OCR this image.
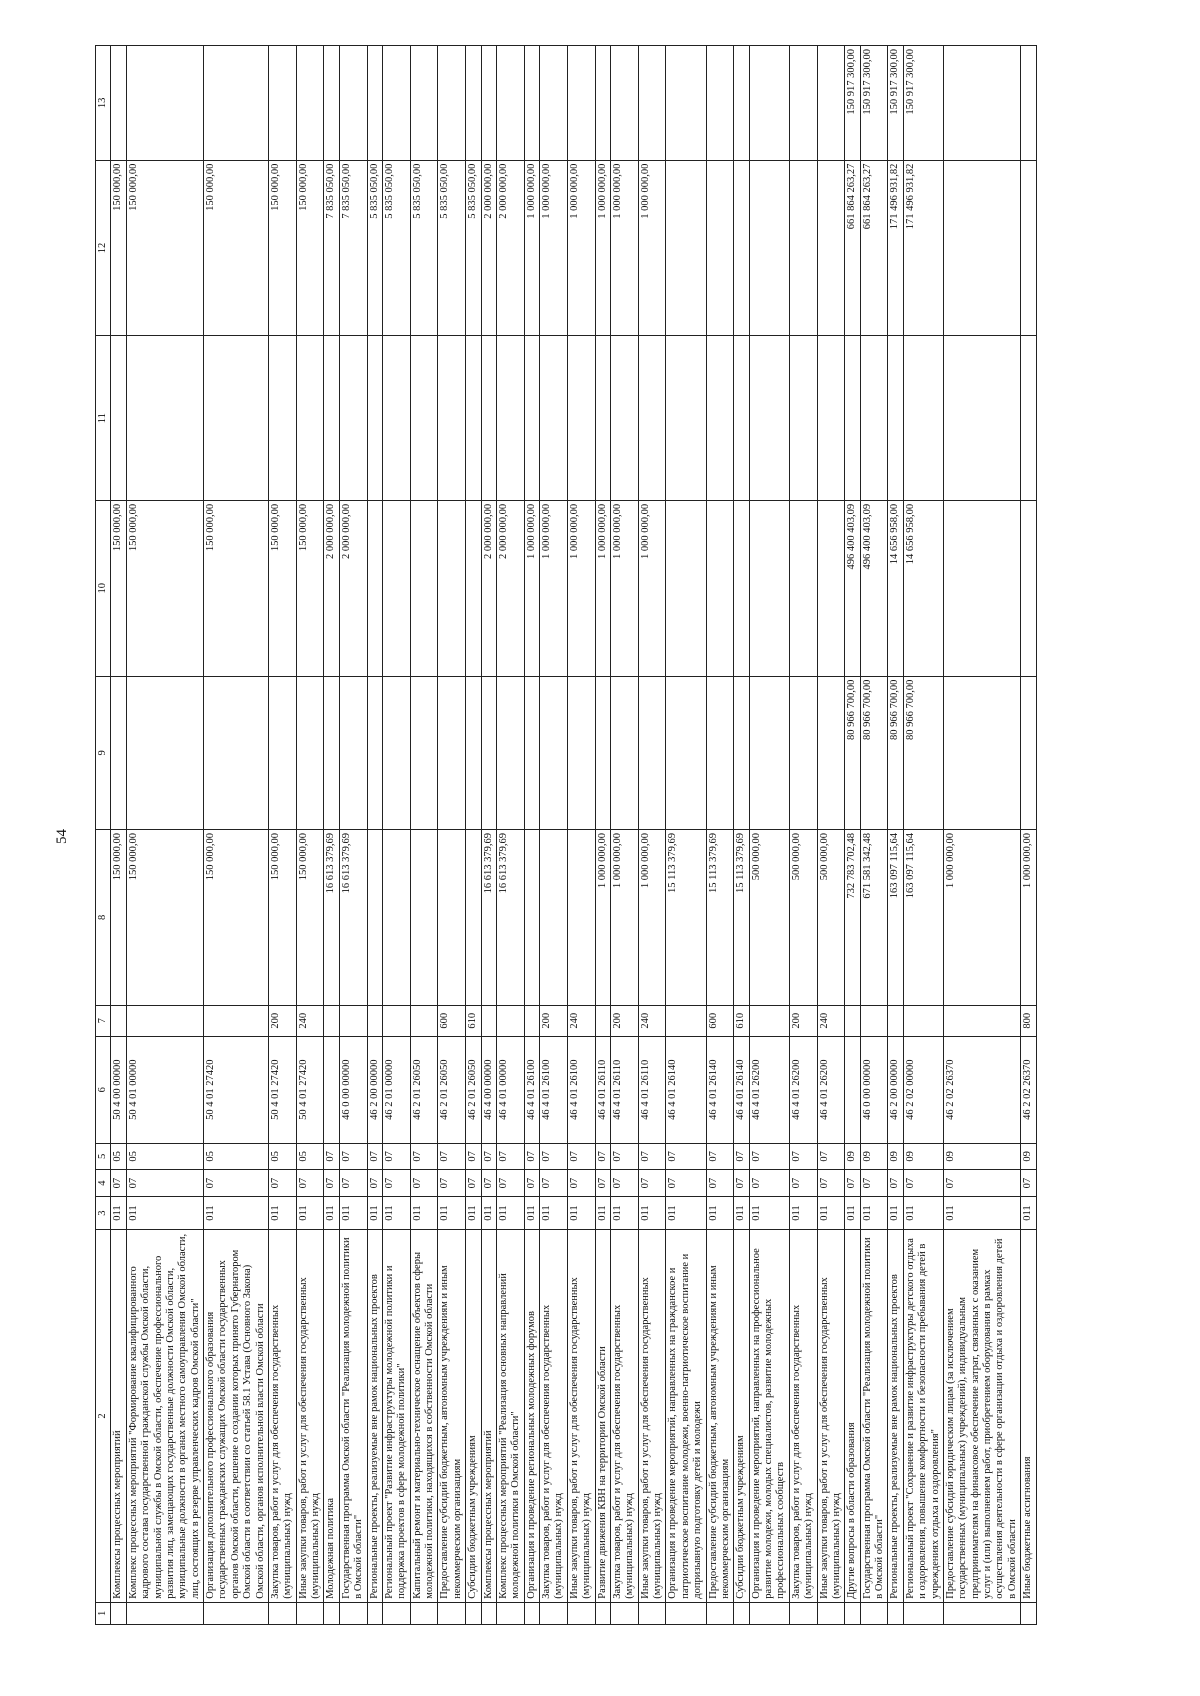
54
1	2	3	4	5	6	7	8	9	10	11	12	13
	Комплексы процессных мероприятий	011	07	05	50 4 00 00000		150 000,00		150 000,00		150 000,00	
	Комплекс процессных мероприятий "Формирование квалифицированного кадрового состава государственной гражданской службы Омской области, муниципальной службы в Омской области, обеспечение профессионального развития лиц, замещающих государственные должности Омской области, муниципальные должности в органах местного самоуправления Омской области, лиц, состоящих в резерве управленческих кадров Омской области"	011	07	05	50 4 01 00000		150 000,00		150 000,00		150 000,00	
	Организация дополнительного профессионального образования государственных гражданских служащих Омской области государственных органов Омской области, решение о создании которых принято Губернатором Омской области в соответствии со статьей 58.1 Устава (Основного Закона) Омской области, органов исполнительной власти Омской области	011	07	05	50 4 01 27420		150 000,00		150 000,00		150 000,00	
	Закупка товаров, работ и услуг для обеспечения государственных (муниципальных) нужд	011	07	05	50 4 01 27420	200	150 000,00		150 000,00		150 000,00	
	Иные закупки товаров, работ и услуг для обеспечения государственных (муниципальных) нужд	011	07	05	50 4 01 27420	240	150 000,00		150 000,00		150 000,00	
	Молодежная политика	011	07	07			16 613 379,69		2 000 000,00		7 835 050,00	
	Государственная программа Омской области "Реализация молодежной политики в Омской области"	011	07	07	46 0 00 00000		16 613 379,69		2 000 000,00		7 835 050,00	
	Региональные проекты, реализуемые вне рамок национальных проектов	011	07	07	46 2 00 00000						5 835 050,00	
	Региональный проект "Развитие инфраструктуры молодежной политики и поддержка проектов в сфере молодежной политики"	011	07	07	46 2 01 00000						5 835 050,00	
	Капитальный ремонт и материально-техническое оснащение объектов сферы молодежной политики, находящихся в собственности Омской области	011	07	07	46 2 01 26050						5 835 050,00	
	Предоставление субсидий бюджетным, автономным учреждениям и иным некоммерческим организациям	011	07	07	46 2 01 26050	600					5 835 050,00	
	Субсидии бюджетным учреждениям	011	07	07	46 2 01 26050	610					5 835 050,00	
	Комплексы процессных мероприятий	011	07	07	46 4 00 00000		16 613 379,69		2 000 000,00		2 000 000,00	
	Комплекс процессных мероприятий "Реализация основных направлений молодежной политики в Омской области"	011	07	07	46 4 01 00000		16 613 379,69		2 000 000,00		2 000 000,00	
	Организация и проведение региональных молодежных форумов	011	07	07	46 4 01 26100				1 000 000,00		1 000 000,00	
	Закупка товаров, работ и услуг для обеспечения государственных (муниципальных) нужд	011	07	07	46 4 01 26100	200			1 000 000,00		1 000 000,00	
	Иные закупки товаров, работ и услуг для обеспечения государственных (муниципальных) нужд	011	07	07	46 4 01 26100	240			1 000 000,00		1 000 000,00	
	Развитие движения КВН на территории Омской области	011	07	07	46 4 01 26110		1 000 000,00		1 000 000,00		1 000 000,00	
	Закупка товаров, работ и услуг для обеспечения государственных (муниципальных) нужд	011	07	07	46 4 01 26110	200	1 000 000,00		1 000 000,00		1 000 000,00	
	Иные закупки товаров, работ и услуг для обеспечения государственных (муниципальных) нужд	011	07	07	46 4 01 26110	240	1 000 000,00		1 000 000,00		1 000 000,00	
	Организация и проведение мероприятий, направленных на гражданское и патриотическое воспитание молодежи, военно-патриотическое воспитание и допризывную подготовку детей и молодежи	011	07	07	46 4 01 26140		15 113 379,69					
	Предоставление субсидий бюджетным, автономным учреждениям и иным некоммерческим организациям	011	07	07	46 4 01 26140	600	15 113 379,69					
	Субсидии бюджетным учреждениям	011	07	07	46 4 01 26140	610	15 113 379,69					
	Организация и проведение мероприятий, направленных на профессиональное развитие молодежи, молодых специалистов, развитие молодежных профессиональных сообществ	011	07	07	46 4 01 26200		500 000,00					
	Закупка товаров, работ и услуг для обеспечения государственных (муниципальных) нужд	011	07	07	46 4 01 26200	200	500 000,00					
	Иные закупки товаров, работ и услуг для обеспечения государственных (муниципальных) нужд	011	07	07	46 4 01 26200	240	500 000,00					
	Другие вопросы в области образования	011	07	09			732 783 702,48	80 966 700,00	496 400 403,09		661 864 263,27	150 917 300,00
	Государственная программа Омской области "Реализация молодежной политики в Омской области"	011	07	09	46 0 00 00000		671 581 342,48	80 966 700,00	496 400 403,09		661 864 263,27	150 917 300,00
	Региональные проекты, реализуемые вне рамок национальных проектов	011	07	09	46 2 00 00000		163 097 115,64	80 966 700,00	14 656 958,00		171 496 931,82	150 917 300,00
	Региональный проект "Сохранение и развитие инфраструктуры детского отдыха и оздоровления, повышение комфортности и безопасности пребывания детей в учреждениях отдыха и оздоровления"	011	07	09	46 2 02 00000		163 097 115,64	80 966 700,00	14 656 958,00		171 496 931,82	150 917 300,00
	Предоставление субсидий юридическим лицам (за исключением государственных (муниципальных) учреждений), индивидуальным предпринимателям на финансовое обеспечение затрат, связанных с оказанием услуг и (или) выполнением работ, приобретением оборудования в рамках осуществления деятельности в сфере организации отдыха и оздоровления детей в Омской области	011	07	09	46 2 02 26370		1 000 000,00					
	Иные бюджетные ассигнования	011	07	09	46 2 02 26370	800	1 000 000,00					
